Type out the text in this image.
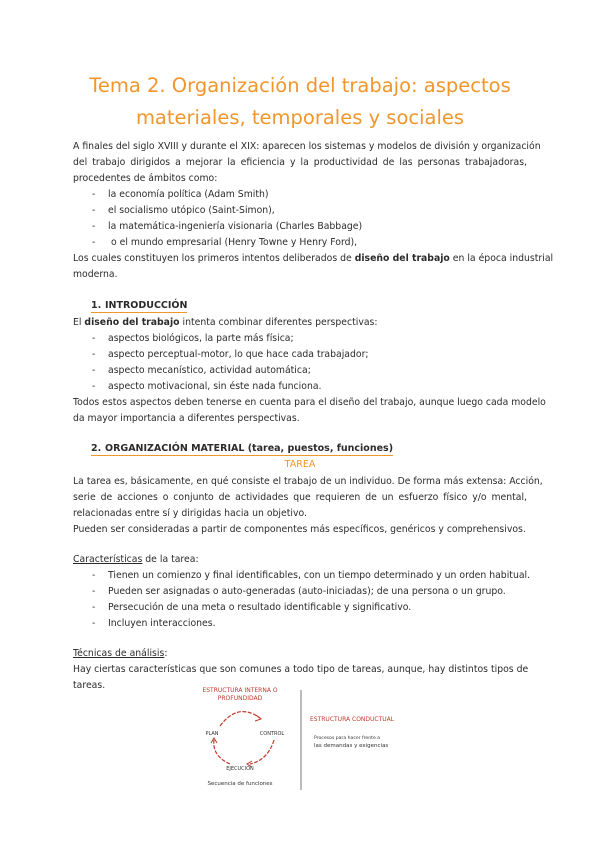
Tema 2. Organización del trabajo: aspectos
materiales, temporales y sociales
A finales del siglo XVIII y durante el XIX: aparecen los sistemas y modelos de división y organización
del trabajo dirigidos a mejorar la eficiencia y la productividad de las personas trabajadoras,
procedentes de ámbitos como:
- la economía política (Adam Smith)
- el socialismo utópico (Saint-Simon),
- la matemática-ingeniería visionaria (Charles Babbage)
- o el mundo empresarial (Henry Towne y Henry Ford),
Los cuales constituyen los primeros intentos deliberados de diseño del trabajo en la época industrial
moderna.
1. INTRODUCCIÓN
El diseño del trabajo intenta combinar diferentes perspectivas:
- aspectos biológicos, la parte más física;
- aspecto perceptual-motor, lo que hace cada trabajador;
- aspecto mecanístico, actividad automática;
- aspecto motivacional, sin éste nada funciona.
Todos estos aspectos deben tenerse en cuenta para el diseño del trabajo, aunque luego cada modelo
da mayor importancia a diferentes perspectivas.
2. ORGANIZACIÓN MATERIAL (tarea, puestos, funciones)
TAREA
La tarea es, básicamente, en qué consiste el trabajo de un individuo. De forma más extensa: Acción,
serie de acciones o conjunto de actividades que requieren de un esfuerzo físico y/o mental,
relacionadas entre sí y dirigidas hacia un objetivo.
Pueden ser consideradas a partir de componentes más específicos, genéricos y comprehensivos.
Características de la tarea:
- Tienen un comienzo y final identificables, con un tiempo determinado y un orden habitual.
- Pueden ser asignadas o auto-generadas (auto-iniciadas); de una persona o un grupo.
- Persecución de una meta o resultado identificable y significativo.
- Incluyen interacciones.
Técnicas de análisis:
Hay ciertas características que son comunes a todo tipo de tareas, aunque, hay distintos tipos de
tareas.	ESTRUCTURA INTERNA O
PROFUNDIDAD
PLAN	CONTROL
EJECUCIÓN
Secuencia de funciones
ESTRUCTURA CONDUCTUAL
Procesos para hacer frente a
las demandas y exigencias
